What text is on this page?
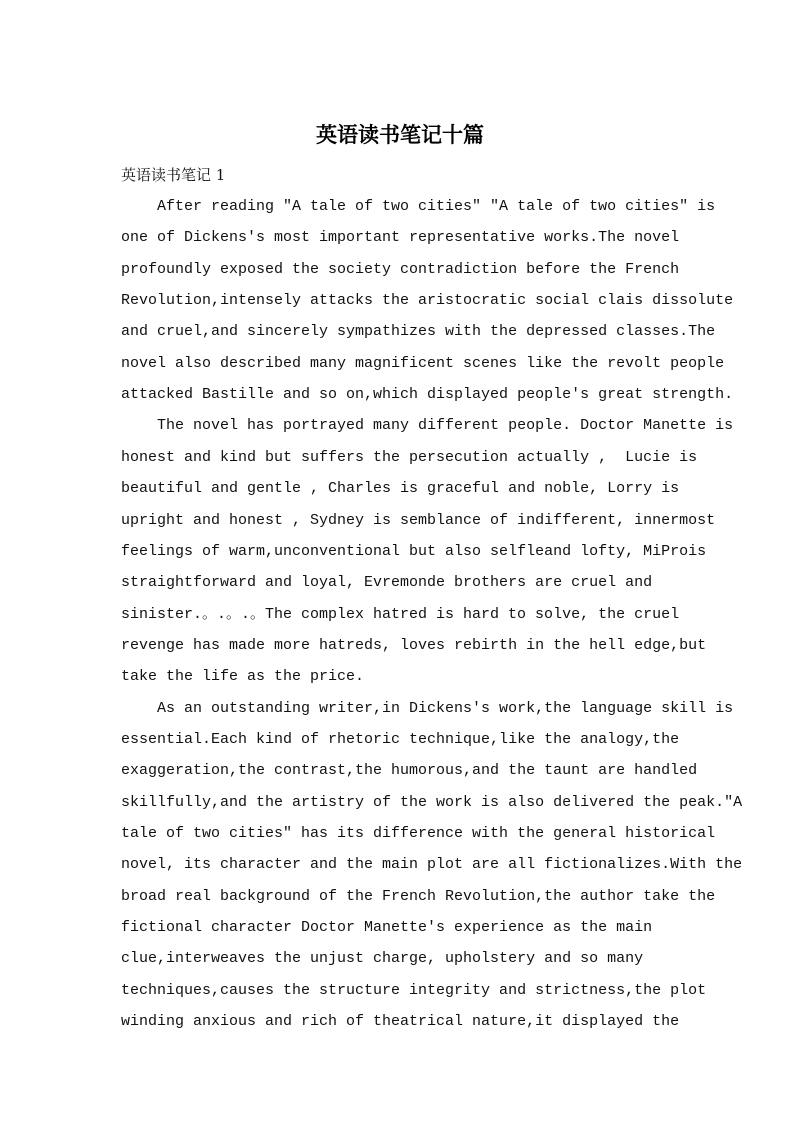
英语读书笔记十篇
英语读书笔记 1
After reading "A tale of two cities" "A tale of two cities" is
one of Dickens's most important representative works.The novel
profoundly exposed the society contradiction before the French
Revolution,intensely attacks the aristocratic social clais dissolute
and cruel,and sincerely sympathizes with the depressed classes.The
novel also described many magnificent scenes like the revolt people
attacked Bastille and so on,which displayed people's great strength.
The novel has portrayed many different people. Doctor Manette is
honest and kind but suffers the persecution actually ,  Lucie is
beautiful and gentle , Charles is graceful and noble, Lorry is
upright and honest , Sydney is semblance of indifferent, innermost
feelings of warm,unconventional but also selfleand lofty, MiProis
straightforward and loyal, Evremonde brothers are cruel and
sinister.。.。.。The complex hatred is hard to solve, the cruel
revenge has made more hatreds, loves rebirth in the hell edge,but
take the life as the price.
As an outstanding writer,in Dickens's work,the language skill is
essential.Each kind of rhetoric technique,like the analogy,the
exaggeration,the contrast,the humorous,and the taunt are handled
skillfully,and the artistry of the work is also delivered the peak."A
tale of two cities" has its difference with the general historical
novel, its character and the main plot are all fictionalizes.With the
broad real background of the French Revolution,the author take the
fictional character Doctor Manette's experience as the main
clue,interweaves the unjust charge, upholstery and so many
techniques,causes the structure integrity and strictness,the plot
winding anxious and rich of theatrical nature,it displayed the
